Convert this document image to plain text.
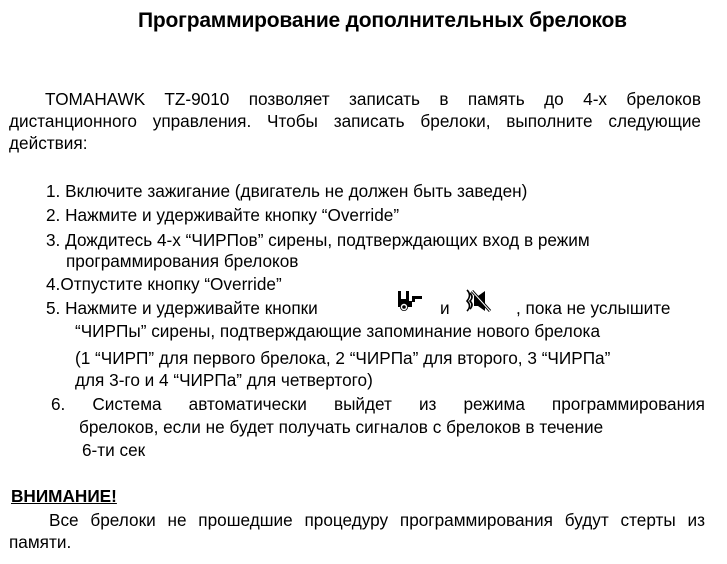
Программирование дополнительных брелоков
TOMAHAWK TZ-9010 позволяет записать в память до 4-х брелоков дистанционного управления. Чтобы записать брелоки, выполните следующие действия:
1. Включите зажигание (двигатель не должен быть заведен)
2. Нажмите и удерживайте кнопку “Override”
3. Дождитесь 4-х “ЧИРПов” сирены, подтверждающих вход в режим
программирования брелоков
4.Отпустите кнопку “Override”
5. Нажмите и удерживайте кнопки	и	, пока не услышите
“ЧИРПы” сирены, подтверждающие запоминание нового брелока
(1 “ЧИРП” для первого брелока, 2 “ЧИРПа” для второго, 3 “ЧИРПа”
для 3-го и 4 “ЧИРПа” для четвертого)
6. Система автоматически выйдет из режима программирования
брелоков, если не будет получать сигналов с брелоков в течение
6-ти сек
ВНИМАНИЕ!
Все брелоки не прошедшие процедуру программирования будут стерты из памяти.
